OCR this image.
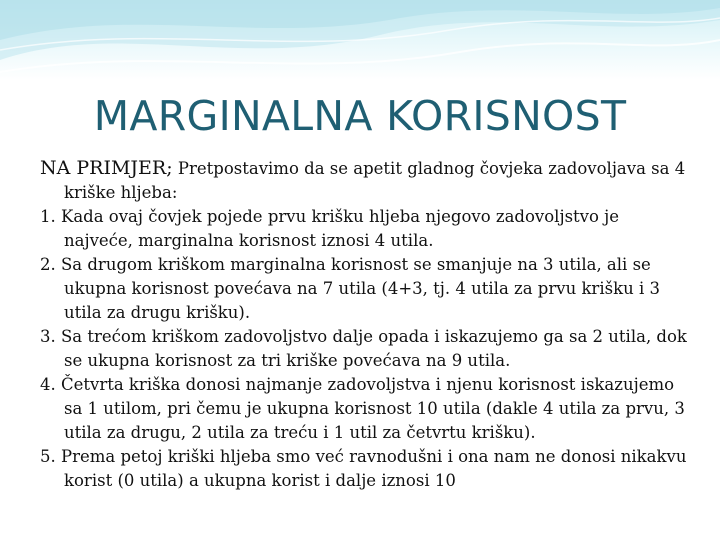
MARGINALNA KORISNOST

NA PRIMJER; Pretpostavimo da se apetit gladnog čovjeka zadovoljava sa 4 kriške hljeba:

1. Kada ovaj čovjek pojede prvu krišku hljeba njegovo zadovoljstvo je najveće, marginalna korisnost iznosi 4 utila.

2. Sa drugom kriškom marginalna korisnost se smanjuje na 3 utila, ali se ukupna korisnost povećava na 7 utila (4+3, tj. 4 utila za prvu krišku i 3 utila za drugu krišku).

3. Sa trećom kriškom zadovoljstvo dalje opada i iskazujemo ga sa 2 utila, dok se ukupna korisnost za tri kriške povećava na 9 utila.

4. Četvrta kriška donosi najmanje zadovoljstva i njenu korisnost iskazujemo sa 1 utilom, pri čemu je ukupna korisnost 10 utila (dakle 4 utila za prvu, 3 utila za drugu, 2 utila za treću i 1 util za četvrtu krišku).

5. Prema petoj kriški hljeba smo već ravnodušni i ona nam ne donosi nikakvu korist (0 utila) a ukupna korist i dalje iznosi 10
